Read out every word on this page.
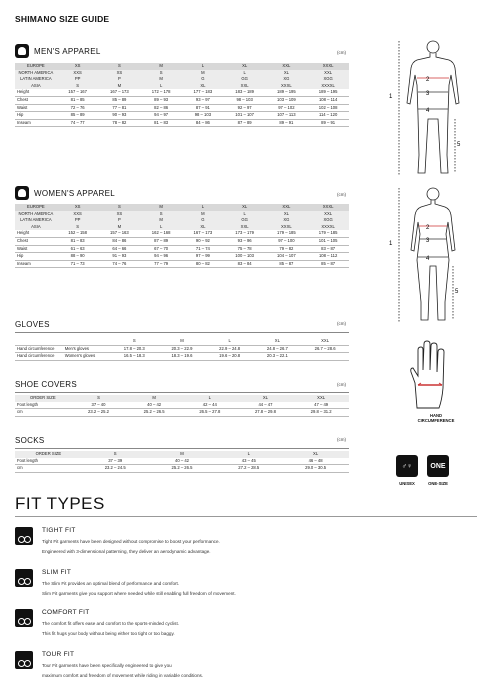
SHIMANO SIZE GUIDE
MEN'S APPAREL	(cm)
EUROPE	XS	S	M	L	XL	XXL	XXXL
NORTH AMERICA	XXS	XS	S	M	L	XL	XXL
LATIN AMERICA	PP	P	M	G	GG	XG	XGG
ASIA	S	M	L	XL	XXL	XXXL	XXXXL
Height	157 – 167	167 – 173	172 – 178	177 – 183	183 – 189	189 – 195	189 – 195
Chest	81 – 85	85 – 89	89 – 93	93 – 97	98 – 103	103 – 109	108 – 114
Waist	72 – 76	77 – 81	82 – 86	87 – 91	92 – 97	97 – 102	102 – 108
Hip	85 – 89	90 – 93	94 – 97	98 – 103	101 – 107	107 – 113	114 – 120
Inseam	74 – 77	78 – 82	81 – 83	84 – 86	87 – 89	89 – 91	89 – 91
WOMEN'S APPAREL	(cm)
EUROPE	XS	S	M	L	XL	XXL	XXXL
NORTH AMERICA	XXS	XS	S	M	L	XL	XXL
LATIN AMERICA	PP	P	M	G	GG	XG	XGG
ASIA	S	M	L	XL	XXL	XXXL	XXXXL
Height	152 – 158	157 – 163	162 – 168	167 – 173	173 – 179	179 – 185	179 – 185
Chest	81 – 83	84 – 86	87 – 89	90 – 92	93 – 96	97 – 100	101 – 105
Waist	61 – 63	64 – 66	67 – 70	71 – 74	75 – 78	79 – 82	83 – 87
Hip	88 – 90	91 – 93	94 – 96	97 – 99	100 – 103	104 – 107	108 – 112
Inseam	71 – 73	74 – 76	77 – 79	80 – 82	83 – 84	85 – 87	85 – 87
GLOVES	(cm)
		S	M	L	XL	XXL
Hand circumference	Men's gloves	17.8 – 20.3	20.3 – 22.9	22.9 – 24.8	24.8 – 26.7	26.7 – 28.6
Hand circumference	Women's gloves	16.5 – 18.3	18.3 – 19.6	19.6 – 20.8	20.3 – 22.1	
SHOE COVERS	(cm)
ORDER SIZE	S	M	L	XL	XXL
Foot length	37 – 40	40 – 42	42 – 44	44 – 47	47 – 49
cm	23.2 – 25.2	25.2 – 26.5	26.5 – 27.8	27.8 – 29.8	29.8 – 31.2
SOCKS	(cm)
ORDER SIZE	S	M	L	XL
Foot length	37 – 39	40 – 42	43 – 45	46 – 48
cm	23.2 – 24.5	25.2 – 26.5	27.2 – 28.5	29.0 – 30.5
1
2
3
4
5
1
2
3
4
5
HAND
CIRCUMFERENCE
♂♀	ONE
UNISEX	ONE-SIZE
FIT TYPES
TIGHT FIT
Tight Fit garments have been designed without compromise to boost your performance.
Engineered with 3-dimensional patterning, they deliver an aerodynamic advantage.
SLIM FIT
The Slim Fit provides an optimal blend of performance and comfort.
Slim Fit garments give you support where needed while still enabling full freedom of movement.
COMFORT FIT
The comfort fit offers ease and comfort to the sports-minded cyclist.
This fit hugs your body without being either too tight or too baggy.
TOUR FIT
Tour Fit garments have been specifically engineered to give you
maximum comfort and freedom of movement while riding in variable conditions.
